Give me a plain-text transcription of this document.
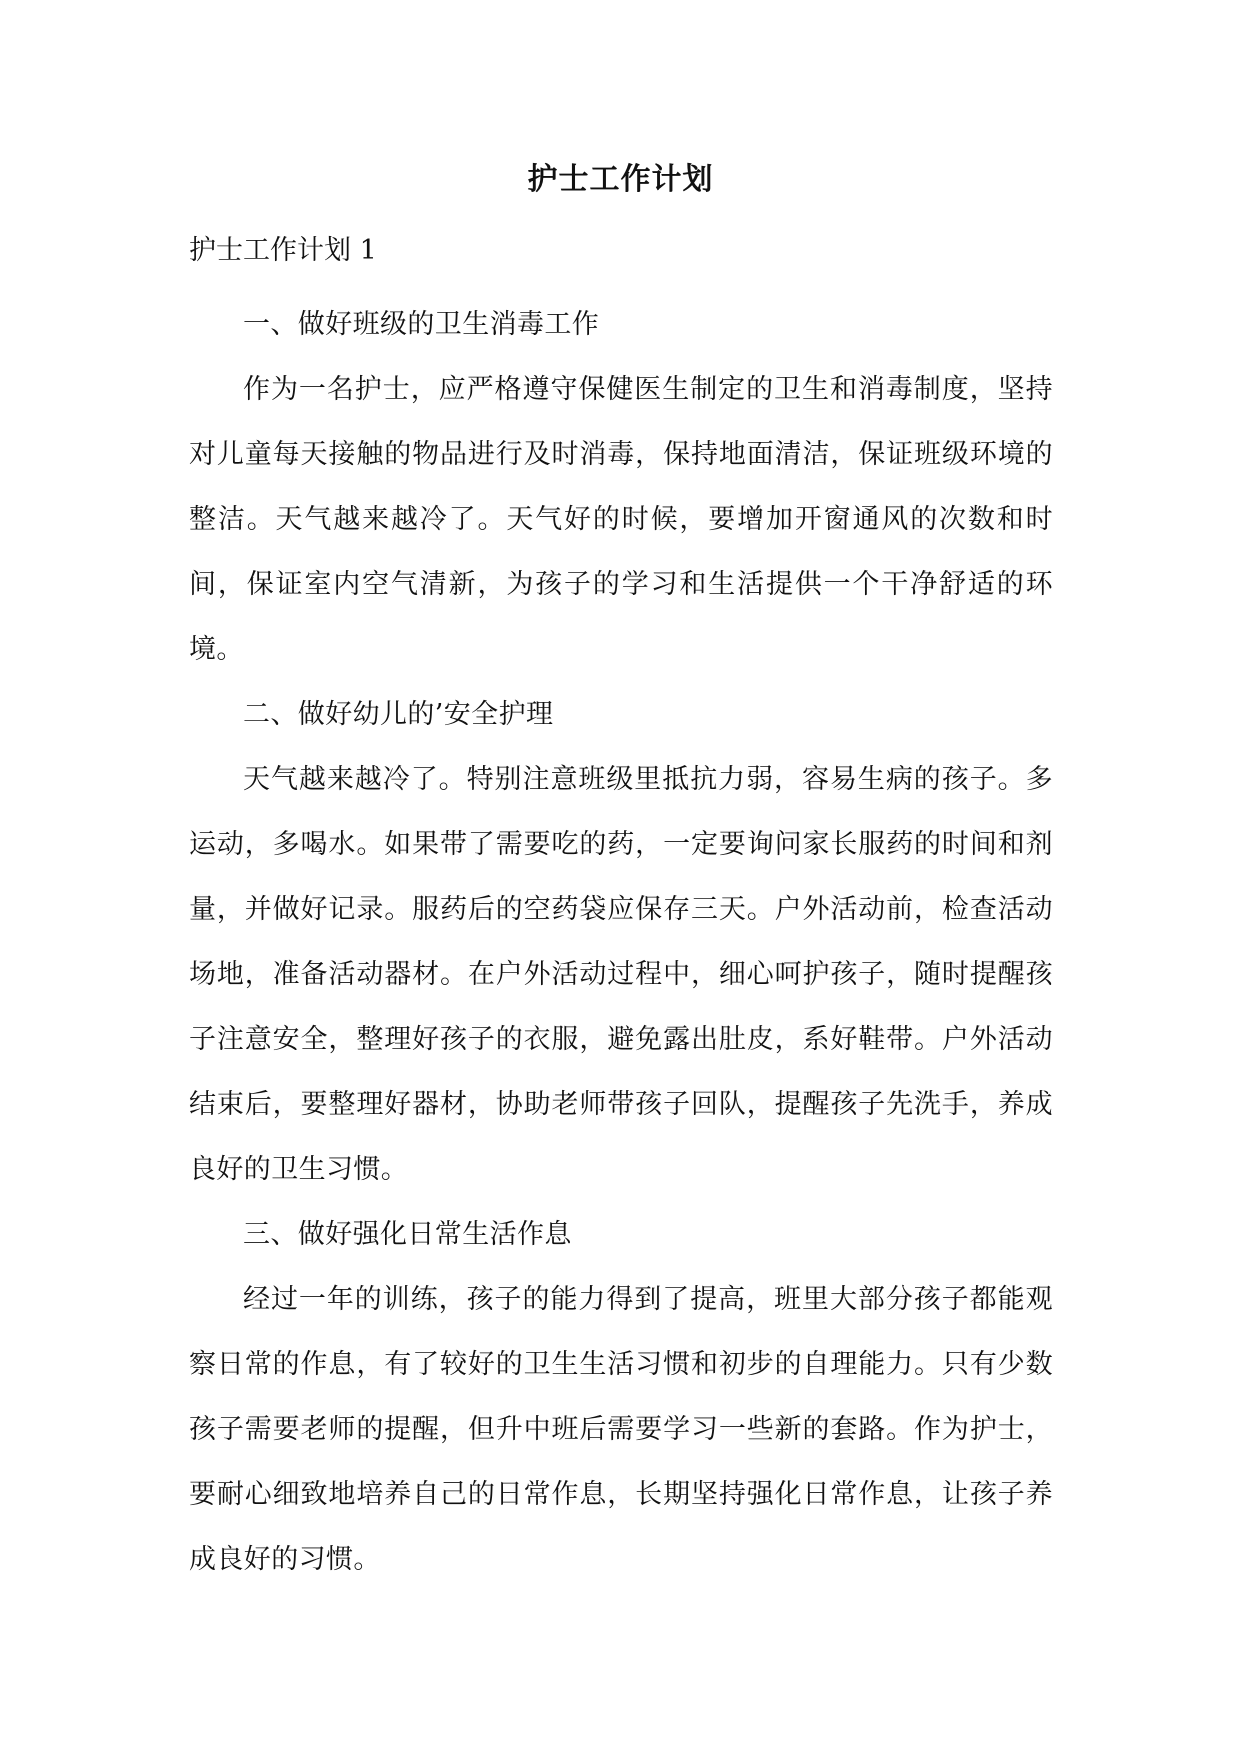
护士工作计划
护士工作计划 1

一、做好班级的卫生消毒工作

作为一名护士，应严格遵守保健医生制定的卫生和消毒制度，坚持对儿童每天接触的物品进行及时消毒，保持地面清洁，保证班级环境的整洁。天气越来越冷了。天气好的时候，要增加开窗通风的次数和时间，保证室内空气清新，为孩子的学习和生活提供一个干净舒适的环境。

二、做好幼儿的’安全护理

天气越来越冷了。特别注意班级里抵抗力弱，容易生病的孩子。多运动，多喝水。如果带了需要吃的药，一定要询问家长服药的时间和剂量，并做好记录。服药后的空药袋应保存三天。户外活动前，检查活动场地，准备活动器材。在户外活动过程中，细心呵护孩子，随时提醒孩子注意安全，整理好孩子的衣服，避免露出肚皮，系好鞋带。户外活动结束后，要整理好器材，协助老师带孩子回队，提醒孩子先洗手，养成良好的卫生习惯。

三、做好强化日常生活作息

经过一年的训练，孩子的能力得到了提高，班里大部分孩子都能观察日常的作息，有了较好的卫生生活习惯和初步的自理能力。只有少数孩子需要老师的提醒，但升中班后需要学习一些新的套路。作为护士，要耐心细致地培养自己的日常作息，长期坚持强化日常作息，让孩子养成良好的习惯。
